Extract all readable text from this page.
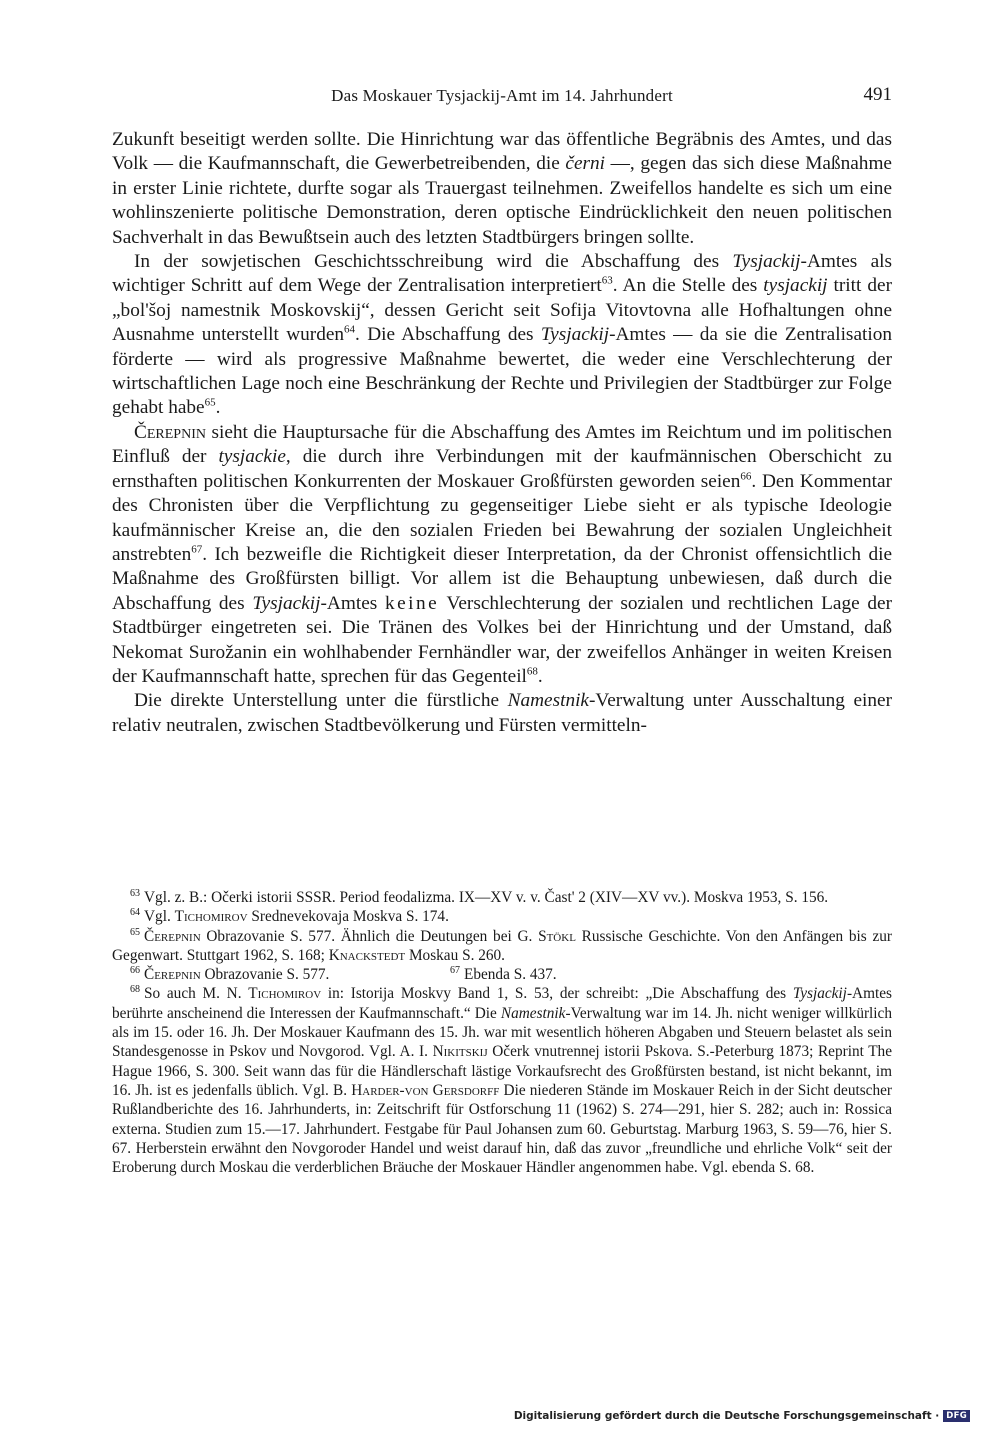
Das Moskauer Tysjackij-Amt im 14. Jahrhundert	491

Zukunft beseitigt werden sollte. Die Hinrichtung war das öffentliche Begräbnis des Amtes, und das Volk — die Kaufmannschaft, die Gewerbetreibenden, die černi —, gegen das sich diese Maßnahme in erster Linie richtete, durfte sogar als Trauergast teilnehmen. Zweifellos handelte es sich um eine wohlinszenierte politische Demonstration, deren optische Eindrücklichkeit den neuen politischen Sachverhalt in das Bewußtsein auch des letzten Stadtbürgers bringen sollte.

In der sowjetischen Geschichtsschreibung wird die Abschaffung des Tysjackij-Amtes als wichtiger Schritt auf dem Wege der Zentralisation interpretiert$^{63}$. An die Stelle des tysjackij tritt der „bol'šoj namestnik Moskovskij“, dessen Gericht seit Sofija Vitovtovna alle Hofhaltungen ohne Ausnahme unterstellt wurden$^{64}$. Die Abschaffung des Tysjackij-Amtes — da sie die Zentralisation förderte — wird als progressive Maßnahme bewertet, die weder eine Verschlechterung der wirtschaftlichen Lage noch eine Beschränkung der Rechte und Privilegien der Stadtbürger zur Folge gehabt habe$^{65}$.

Čerepnin sieht die Hauptursache für die Abschaffung des Amtes im Reichtum und im politischen Einfluß der tysjackie, die durch ihre Verbindungen mit der kaufmännischen Oberschicht zu ernsthaften politischen Konkurrenten der Moskauer Großfürsten geworden seien$^{66}$. Den Kommentar des Chronisten über die Verpflichtung zu gegenseitiger Liebe sieht er als typische Ideologie kaufmännischer Kreise an, die den sozialen Frieden bei Bewahrung der sozialen Ungleichheit anstrebten$^{67}$. Ich bezweifle die Richtigkeit dieser Interpretation, da der Chronist offensichtlich die Maßnahme des Großfürsten billigt. Vor allem ist die Behauptung unbewiesen, daß durch die Abschaffung des Tysjackij-Amtes keine Verschlechterung der sozialen und rechtlichen Lage der Stadtbürger eingetreten sei. Die Tränen des Volkes bei der Hinrichtung und der Umstand, daß Nekomat Surožanin ein wohlhabender Fernhändler war, der zweifellos Anhänger in weiten Kreisen der Kaufmannschaft hatte, sprechen für das Gegenteil$^{68}$.

Die direkte Unterstellung unter die fürstliche Namestnik-Verwaltung unter Ausschaltung einer relativ neutralen, zwischen Stadtbevölkerung und Fürsten vermitteln-

$^{63}$ Vgl. z. B.: Očerki istorii SSSR. Period feodalizma. IX—XV v. v. Čast' 2 (XIV—XV vv.). Moskva 1953, S. 156.

$^{64}$ Vgl. Tichomirov Srednevekovaja Moskva S. 174.

$^{65}$ Čerepnin Obrazovanie S. 577. Ähnlich die Deutungen bei G. Stökl Russische Geschichte. Von den Anfängen bis zur Gegenwart. Stuttgart 1962, S. 168; Knackstedt Moskau S. 260.

$^{66}$ Čerepnin Obrazovanie S. 577.	$^{67}$ Ebenda S. 437.

$^{68}$ So auch M. N. Tichomirov in: Istorija Moskvy Band 1, S. 53, der schreibt: „Die Abschaffung des Tysjackij-Amtes berührte anscheinend die Interessen der Kaufmannschaft.“ Die Namestnik-Verwaltung war im 14. Jh. nicht weniger willkürlich als im 15. oder 16. Jh. Der Moskauer Kaufmann des 15. Jh. war mit wesentlich höheren Abgaben und Steuern belastet als sein Standesgenosse in Pskov und Novgorod. Vgl. A. I. Nikitskij Očerk vnutrennej istorii Pskova. S.-Peterburg 1873; Reprint The Hague 1966, S. 300. Seit wann das für die Händlerschaft lästige Vorkaufsrecht des Großfürsten bestand, ist nicht bekannt, im 16. Jh. ist es jedenfalls üblich. Vgl. B. Harder-von Gersdorff Die niederen Stände im Moskauer Reich in der Sicht deutscher Rußlandberichte des 16. Jahrhunderts, in: Zeitschrift für Ostforschung 11 (1962) S. 274—291, hier S. 282; auch in: Rossica externa. Studien zum 15.—17. Jahrhundert. Festgabe für Paul Johansen zum 60. Geburtstag. Marburg 1963, S. 59—76, hier S. 67. Herberstein erwähnt den Novgoroder Handel und weist darauf hin, daß das zuvor „freundliche und ehrliche Volk“ seit der Eroberung durch Moskau die verderblichen Bräuche der Moskauer Händler angenommen habe. Vgl. ebenda S. 68.

Digitalisierung gefördert durch die Deutsche Forschungsgemeinschaft · DFG
